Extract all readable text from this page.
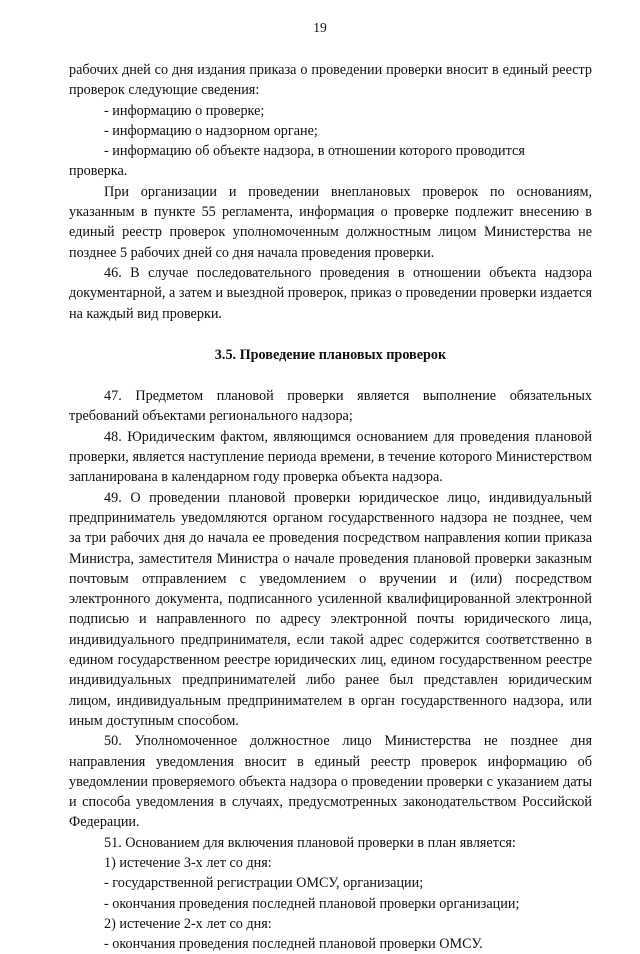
19

рабочих дней со дня издания приказа о проведении проверки вносит в единый реестр проверок следующие сведения:

- информацию о проверке;

- информацию о надзорном органе;

- информацию об объекте надзора, в отношении которого проводится

проверка.

При организации и проведении внеплановых проверок по основаниям, указанным в пункте 55 регламента, информация о проверке подлежит внесению в единый реестр проверок уполномоченным должностным лицом Министерства не позднее 5 рабочих дней со дня начала проведения проверки.

46. В случае последовательного проведения в отношении объекта надзора документарной, а затем и выездной проверок, приказ о проведении проверки издается на каждый вид проверки.

3.5. Проведение плановых проверок

47. Предметом плановой проверки является выполнение обязательных требований объектами регионального надзора;

48. Юридическим фактом, являющимся основанием для проведения плановой проверки, является наступление периода времени, в течение которого Министерством запланирована в календарном году проверка объекта надзора.

49. О проведении плановой проверки юридическое лицо, индивидуальный предприниматель уведомляются органом государственного надзора не позднее, чем за три рабочих дня до начала ее проведения посредством направления копии приказа Министра, заместителя Министра о начале проведения плановой проверки заказным почтовым отправлением с уведомлением о вручении и (или) посредством электронного документа, подписанного усиленной квалифицированной электронной подписью и направленного по адресу электронной почты юридического лица, индивидуального предпринимателя, если такой адрес содержится соответственно в едином государственном реестре юридических лиц, едином государственном реестре индивидуальных предпринимателей либо ранее был представлен юридическим лицом, индивидуальным предпринимателем в орган государственного надзора, или иным доступным способом.

50. Уполномоченное должностное лицо Министерства не позднее дня направления уведомления вносит в единый реестр проверок информацию об уведомлении проверяемого объекта надзора о проведении проверки с указанием даты и способа уведомления в случаях, предусмотренных законодательством Российской Федерации.

51. Основанием для включения плановой проверки в план является:

1) истечение 3-х лет со дня:

- государственной регистрации ОМСУ, организации;

- окончания проведения последней плановой проверки организации;

2) истечение 2-х лет со дня:

- окончания проведения последней плановой проверки ОМСУ.
